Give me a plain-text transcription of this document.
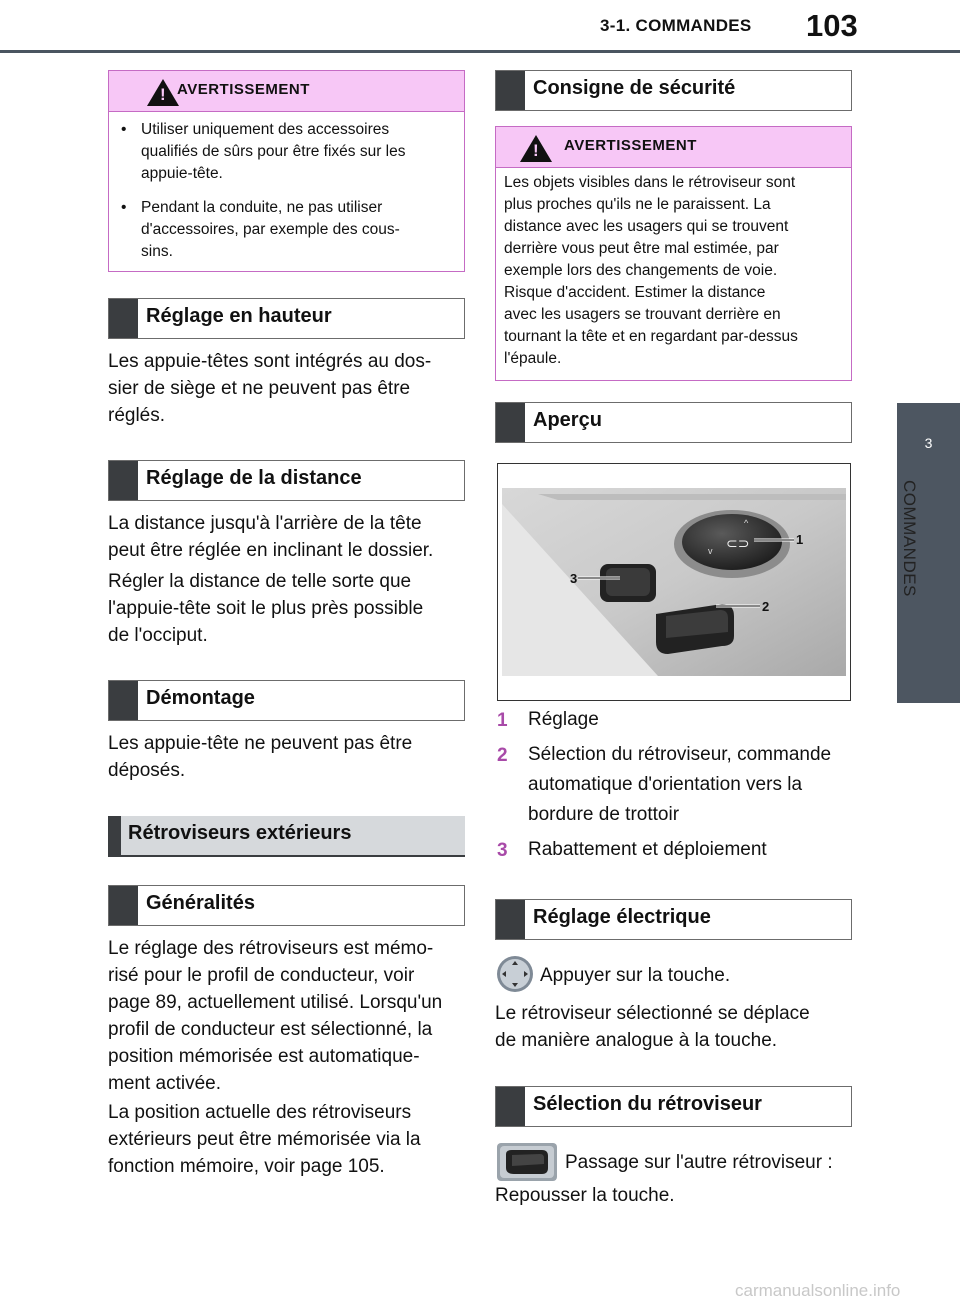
3-1. COMMANDES 103
3
COMMANDES
!
AVERTISSEMENT
• Utiliser uniquement des accessoires
qualifiés de sûrs pour être fixés sur les
appuie-tête.
• Pendant la conduite, ne pas utiliser
d'accessoires, par exemple des cous-
sins.
Réglage en hauteur
Les appuie-têtes sont intégrés au dos-
sier de siège et ne peuvent pas être
réglés.
Réglage de la distance
La distance jusqu'à l'arrière de la tête
peut être réglée en inclinant le dossier.
Régler la distance de telle sorte que
l'appuie-tête soit le plus près possible
de l'occiput.
Démontage
Les appuie-tête ne peuvent pas être
déposés.
Rétroviseurs extérieurs
Généralités
Le réglage des rétroviseurs est mémo-
risé pour le profil de conducteur, voir
page 89, actuellement utilisé. Lorsqu'un
profil de conducteur est sélectionné, la
position mémorisée est automatique-
ment activée.
La position actuelle des rétroviseurs
extérieurs peut être mémorisée via la
fonction mémoire, voir page 105.
Consigne de sécurité
!
AVERTISSEMENT
Les objets visibles dans le rétroviseur sont
plus proches qu'ils ne le paraissent. La
distance avec les usagers qui se trouvent
derrière vous peut être mal estimée, par
exemple lors des changements de voie.
Risque d'accident. Estimer la distance
avec les usagers se trouvant derrière en
tournant la tête et en regardant par-dessus
l'épaule.
Aperçu
⊂⊃
^
v
1
2
3
1 Réglage
2 Sélection du rétroviseur, commande
automatique d'orientation vers la
bordure de trottoir
3 Rabattement et déploiement
Réglage électrique
Appuyer sur la touche.
Le rétroviseur sélectionné se déplace
de manière analogue à la touche.
Sélection du rétroviseur
Passage sur l'autre rétroviseur :
Repousser la touche.
carmanualsonline.info
